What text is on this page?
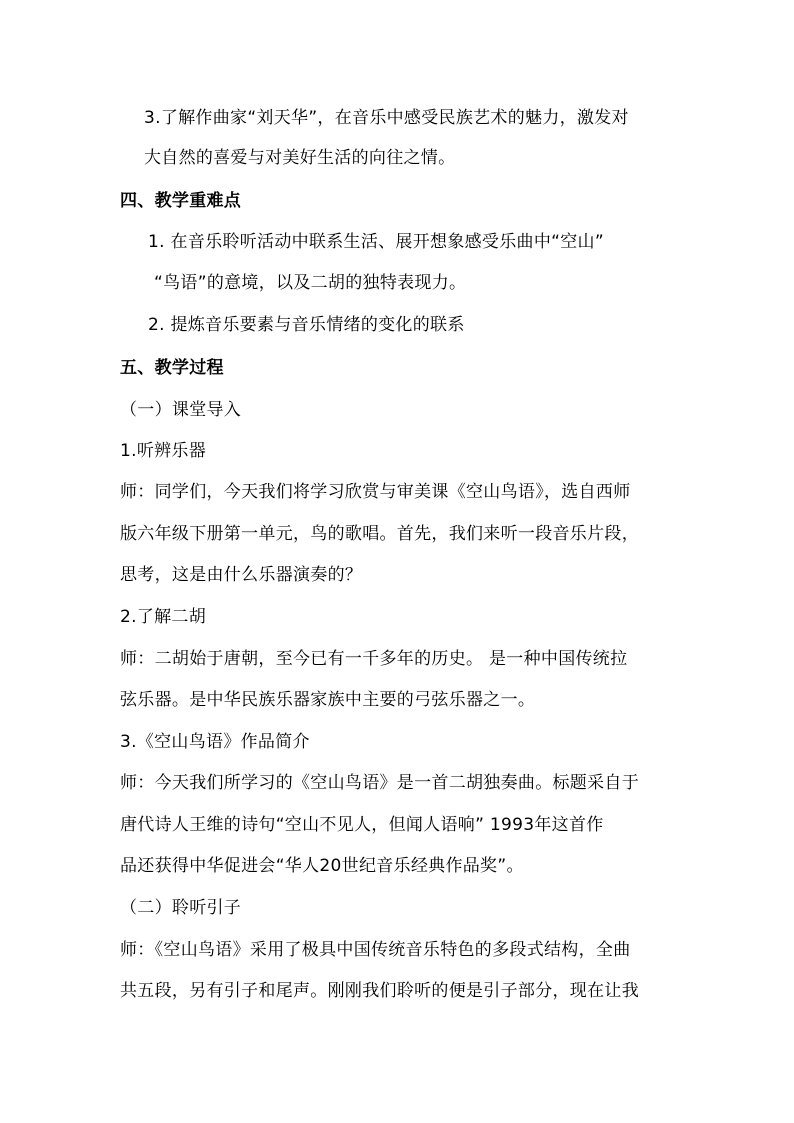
3.了解作曲家“刘天华”，在音乐中感受民族艺术的魅力，激发对
大自然的喜爱与对美好生活的向往之情。
四、教学重难点
1. 在音乐聆听活动中联系生活、展开想象感受乐曲中“空山”
“鸟语”的意境，以及二胡的独特表现力。
2. 提炼音乐要素与音乐情绪的变化的联系
五、教学过程
（一）课堂导入
1.听辨乐器
师：同学们，今天我们将学习欣赏与审美课《空山鸟语》，选自西师
版六年级下册第一单元，鸟的歌唱。首先，我们来听一段音乐片段，
思考，这是由什么乐器演奏的？
2.了解二胡
师：二胡始于唐朝，至今已有一千多年的历史。 是一种中国传统拉
弦乐器。是中华民族乐器家族中主要的弓弦乐器之一。
3.《空山鸟语》作品简介
师：今天我们所学习的《空山鸟语》是一首二胡独奏曲。标题采自于
唐代诗人王维的诗句“空山不见人，但闻人语响” 1993年这首作
品还获得中华促进会“华人20世纪音乐经典作品奖”。
（二）聆听引子
师：《空山鸟语》采用了极具中国传统音乐特色的多段式结构，全曲
共五段，另有引子和尾声。刚刚我们聆听的便是引子部分，现在让我
